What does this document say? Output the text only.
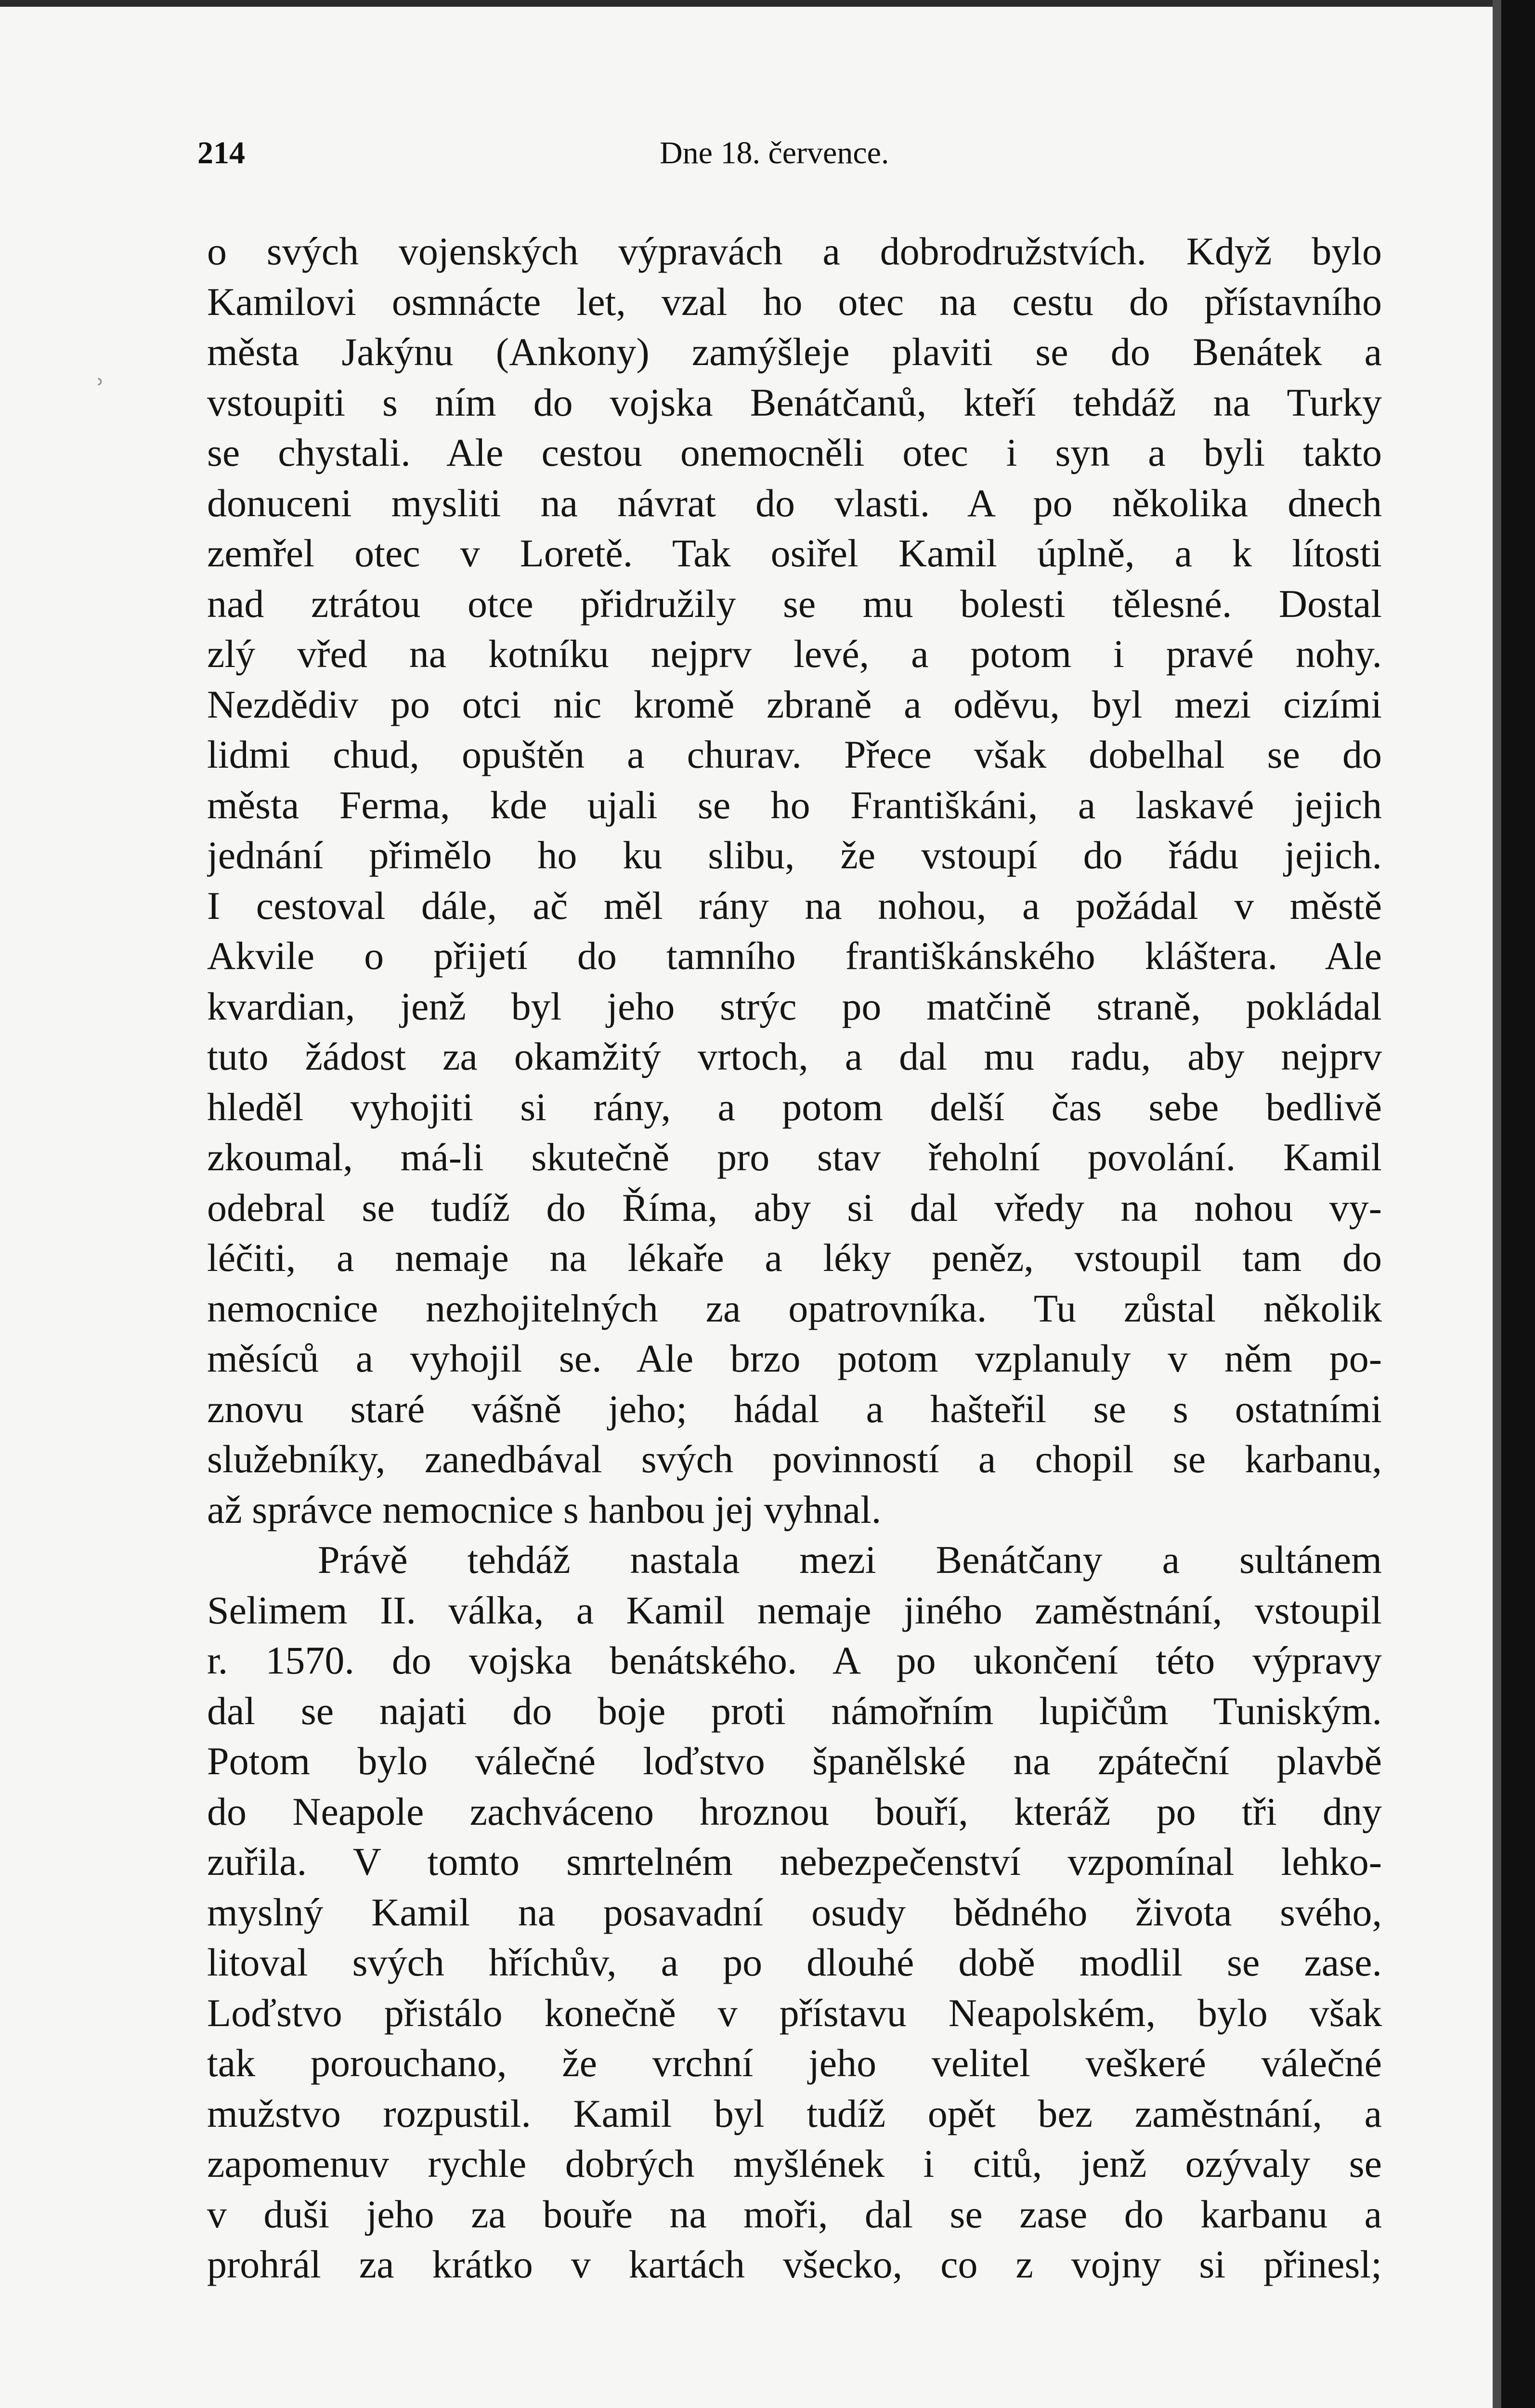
214	Dne 18. července.
ʾ

o svých vojenských výpravách a dobrodružstvích. Když bylo
Kamilovi osmnácte let, vzal ho otec na cestu do přístavního
města Jakýnu (Ankony) zamýšleje plaviti se do Benátek a
vstoupiti s ním do vojska Benátčanů, kteří tehdáž na Turky
se chystali. Ale cestou onemocněli otec i syn a byli takto
donuceni mysliti na návrat do vlasti. A po několika dnech
zemřel otec v Loretě. Tak osiřel Kamil úplně, a k lítosti
nad ztrátou otce přidružily se mu bolesti tělesné. Dostal
zlý vřed na kotníku nejprv levé, a potom i pravé nohy.
Nezdědiv po otci nic kromě zbraně a oděvu, byl mezi cizími
lidmi chud, opuštěn a churav. Přece však dobelhal se do
města Ferma, kde ujali se ho Františkáni, a laskavé jejich
jednání přimělo ho ku slibu, že vstoupí do řádu jejich.
I cestoval dále, ač měl rány na nohou, a požádal v městě
Akvile o přijetí do tamního františkánského kláštera. Ale
kvardian, jenž byl jeho strýc po matčině straně, pokládal
tuto žádost za okamžitý vrtoch, a dal mu radu, aby nejprv
hleděl vyhojiti si rány, a potom delší čas sebe bedlivě
zkoumal, má-li skutečně pro stav řeholní povolání. Kamil
odebral se tudíž do Říma, aby si dal vředy na nohou vy-
léčiti, a nemaje na lékaře a léky peněz, vstoupil tam do
nemocnice nezhojitelných za opatrovníka. Tu zůstal několik
měsíců a vyhojil se. Ale brzo potom vzplanuly v něm po-
znovu staré vášně jeho; hádal a hašteřil se s ostatními
služebníky, zanedbával svých povinností a chopil se karbanu,
až správce nemocnice s hanbou jej vyhnal.

Právě tehdáž nastala mezi Benátčany a sultánem
Selimem II. válka, a Kamil nemaje jiného zaměstnání, vstoupil
r. 1570. do vojska benátského. A po ukončení této výpravy
dal se najati do boje proti námořním lupičům Tuniským.
Potom bylo válečné loďstvo španělské na zpáteční plavbě
do Neapole zachváceno hroznou bouří, kteráž po tři dny
zuřila. V tomto smrtelném nebezpečenství vzpomínal lehko-
myslný Kamil na posavadní osudy bědného života svého,
litoval svých hříchův, a po dlouhé době modlil se zase.
Loďstvo přistálo konečně v přístavu Neapolském, bylo však
tak porouchano, že vrchní jeho velitel veškeré válečné
mužstvo rozpustil. Kamil byl tudíž opět bez zaměstnání, a
zapomenuv rychle dobrých myšlének i citů, jenž ozývaly se
v duši jeho za bouře na moři, dal se zase do karbanu a
prohrál za krátko v kartách všecko, co z vojny si přinesl;
